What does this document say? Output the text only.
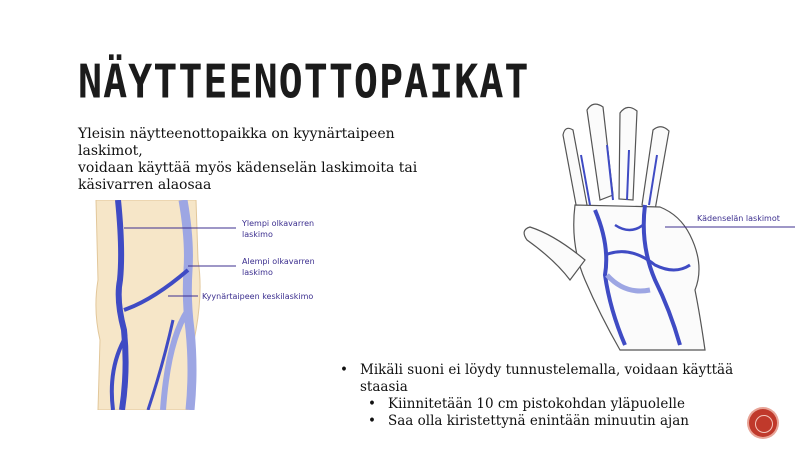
NÄYTTEENOTTOPAIKAT
Yleisin näytteenottopaikka on kyynärtaipeen laskimot,
voidaan käyttää myös kädenselän laskimoita tai käsivarren alaosaa
Ylempi olkavarren
laskimo
Alempi olkavarren
laskimo
Kyynärtaipeen keskilaskimo
Kädenselän laskimot
• Mikäli suoni ei löydy tunnustelemalla, voidaan käyttää staasia
• Kiinnitetään 10 cm pistokohdan yläpuolelle
• Saa olla kiristettynä enintään minuutin ajan
